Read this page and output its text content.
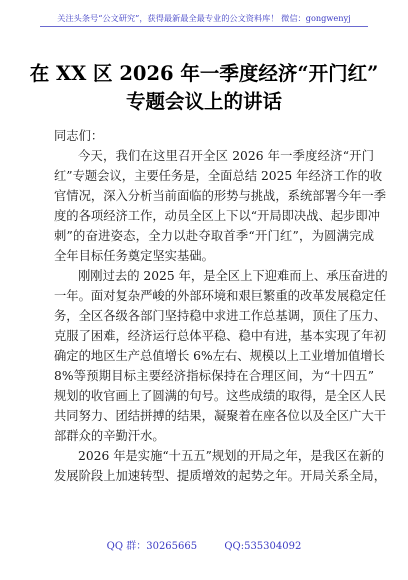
关注头条号“公文研究”，获得最新最全最专业的公文资料库！ 微信：gongwenyj
在 XX 区 2026 年一季度经济“开门红”
专题会议上的讲话
同志们：
今天，我们在这里召开全区 2026 年一季度经济“开门
红”专题会议，主要任务是，全面总结 2025 年经济工作的收
官情况，深入分析当前面临的形势与挑战，系统部署今年一季
度的各项经济工作，动员全区上下以“开局即决战、起步即冲
刺”的奋进姿态，全力以赴夺取首季“开门红”，为圆满完成
全年目标任务奠定坚实基础。
刚刚过去的 2025 年，是全区上下迎难而上、承压奋进的
一年。面对复杂严峻的外部环境和艰巨繁重的改革发展稳定任
务，全区各级各部门坚持稳中求进工作总基调，顶住了压力、
克服了困难，经济运行总体平稳、稳中有进，基本实现了年初
确定的地区生产总值增长 6%左右、规模以上工业增加值增长
8%等预期目标主要经济指标保持在合理区间，为“十四五”
规划的收官画上了圆满的句号。这些成绩的取得，是全区人民
共同努力、团结拼搏的结果，凝聚着在座各位以及全区广大干
部群众的辛勤汗水。
2026 年是实施“十五五”规划的开局之年，是我区在新的
发展阶段上加速转型、提质增效的起势之年。开局关系全局，
QQ 群：30265665	QQ:535304092
